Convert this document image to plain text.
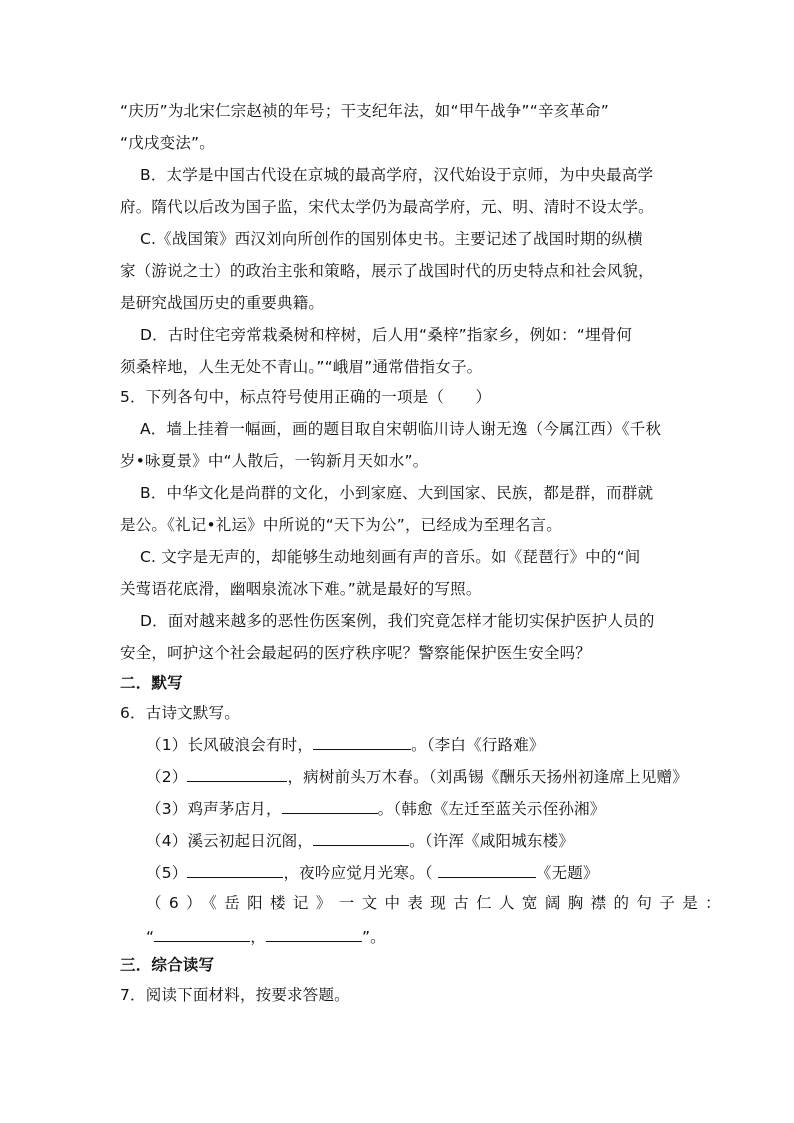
“庆历”为北宋仁宗赵祯的年号；干支纪年法，如“甲午战争”“辛亥革命”
“戊戌变法”。
B．太学是中国古代设在京城的最高学府，汉代始设于京师，为中央最高学
府。隋代以后改为国子监，宋代太学仍为最高学府，元、明、清时不设太学。
C.《战国策》西汉刘向所创作的国别体史书。主要记述了战国时期的纵横
家（游说之士）的政治主张和策略，展示了战国时代的历史特点和社会风貌，
是研究战国历史的重要典籍。
D．古时住宅旁常栽桑树和梓树，后人用“桑梓”指家乡，例如：“埋骨何
须桑梓地，人生无处不青山。”“峨眉”通常借指女子。
5．下列各句中，标点符号使用正确的一项是（　　）
A．墙上挂着一幅画，画的题目取自宋朝临川诗人谢无逸（今属江西）《千秋
岁•咏夏景》中“人散后，一钩新月天如水”。
B．中华文化是尚群的文化，小到家庭、大到国家、民族，都是群，而群就
是公。《礼记•礼运》中所说的“天下为公”，已经成为至理名言。
C. 文字是无声的，却能够生动地刻画有声的音乐。如《琵琶行》中的“间
关莺语花底滑，幽咽泉流冰下难。”就是最好的写照。
D．面对越来越多的恶性伤医案例，我们究竟怎样才能切实保护医护人员的
安全，呵护这个社会最起码的医疗秩序呢？警察能保护医生安全吗？
二．默写
6．古诗文默写。
（1）长风破浪会有时，	。（李白《行路难》
（2）	，病树前头万木春。（刘禹锡《酬乐天扬州初逢席上见赠》
（3）鸡声茅店月，	。（韩愈《左迁至蓝关示侄孙湘》
（4）溪云初起日沉阁，	。（许浑《咸阳城东楼》
（5）	，夜吟应觉月光寒。（	《无题》
（6）《岳阳楼记》一文中表现古仁人宽阔胸襟的句子是：
“	，	”。
三．综合读写
7．阅读下面材料，按要求答题。
